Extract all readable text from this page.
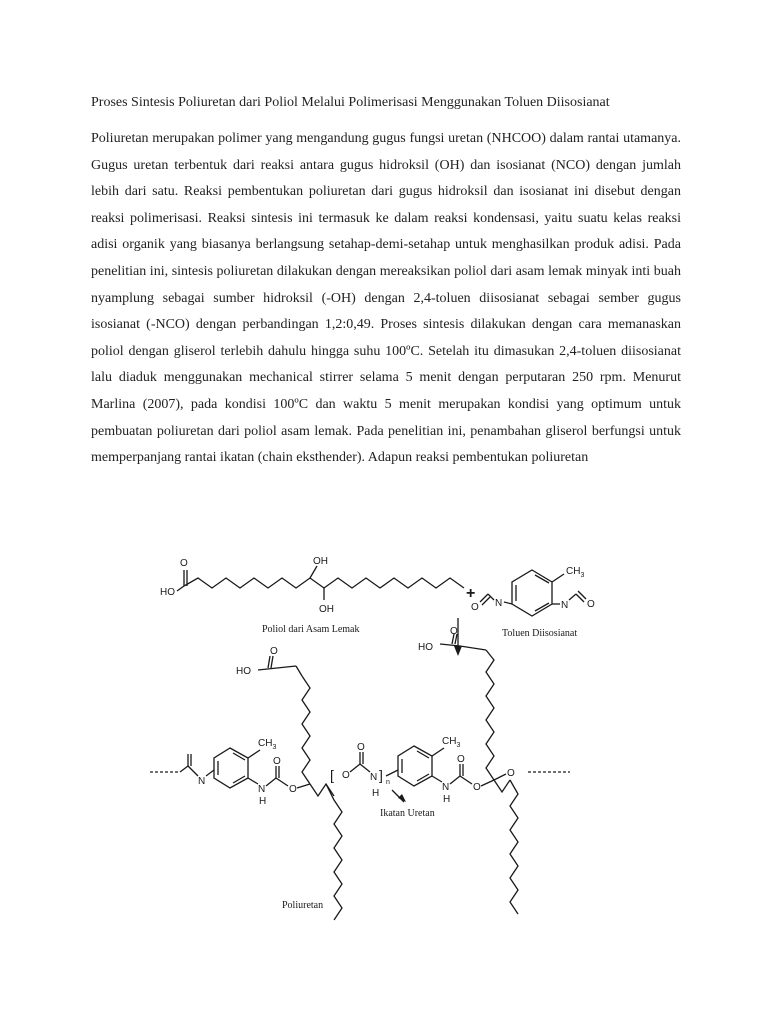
Proses Sintesis Poliuretan dari Poliol Melalui Polimerisasi Menggunakan Toluen Diisosianat

Poliuretan merupakan polimer yang mengandung gugus fungsi uretan (NHCOO) dalam rantai utamanya. Gugus uretan terbentuk dari reaksi antara gugus hidroksil (OH) dan isosianat (NCO) dengan jumlah lebih dari satu. Reaksi pembentukan poliuretan dari gugus hidroksil dan isosianat ini disebut dengan reaksi polimerisasi. Reaksi sintesis ini termasuk ke dalam reaksi kondensasi, yaitu suatu kelas reaksi adisi organik yang biasanya berlangsung setahap-demi-setahap untuk menghasilkan produk adisi. Pada penelitian ini, sintesis poliuretan dilakukan dengan mereaksikan poliol dari asam lemak minyak inti buah nyamplung sebagai sumber hidroksil (-OH) dengan 2,4-toluen diisosianat sebagai sember gugus isosianat (-NCO) dengan perbandingan 1,2:0,49. Proses sintesis dilakukan dengan cara memanaskan poliol dengan gliserol terlebih dahulu hingga suhu 100ºC. Setelah itu dimasukan 2,4-toluen diisosianat lalu diaduk menggunakan mechanical stirrer selama 5 menit dengan perputaran 250 rpm. Menurut Marlina (2007), pada kondisi 100ºC dan waktu 5 menit merupakan kondisi yang optimum untuk pembuatan poliuretan dari poliol asam lemak. Pada penelitian ini, penambahan gliserol berfungsi untuk memperpanjang rantai ikatan (chain eksthender). Adapun reaksi pembentukan poliuretan

HO
O	OH
OH
Poliol dari Asam Lemak
+
$CH_3$
N
O	N O
Toluen Diisosianat
N
$CH_3$
N
H
O
O
HO
O
[ O
O
N ] n
H
Ikatan Uretan
$CH_3$
N
H
O
O
HO
O
O
Poliuretan
